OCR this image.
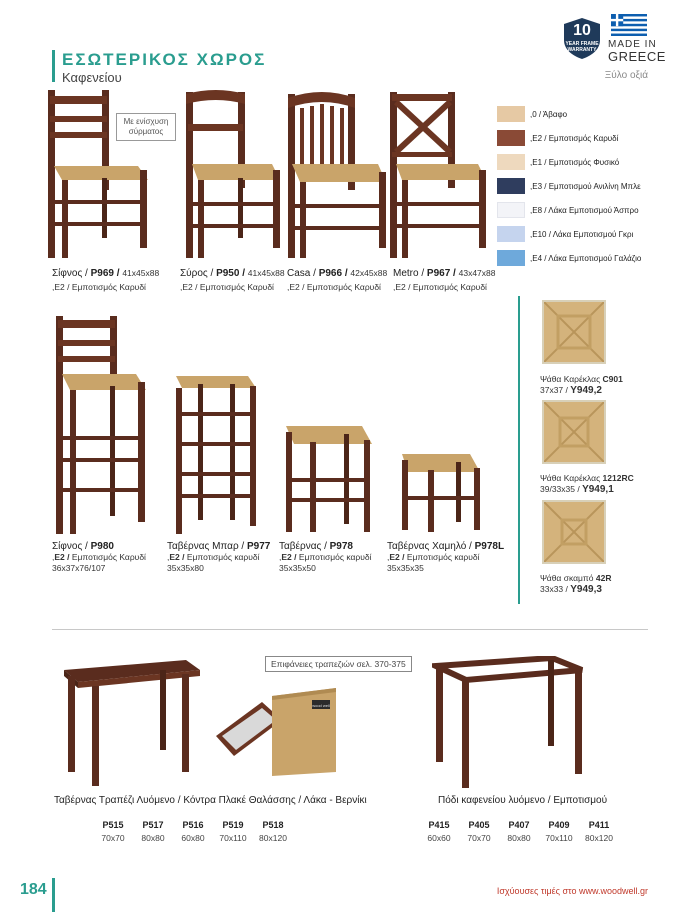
ΕΣΩΤΕΡΙΚΟΣ ΧΩΡΟΣ
Καφενείου
10
YEAR FRAME WARRANTY	MADE IN
GREECE
Ξύλο οξιά
Με ενίσχυση σύρματος
Σίφνος / P969 / 41x45x88
,Ε2 / Εμποτισμός Καρυδί
Σύρος / P950 / 41x45x88
,Ε2 / Εμποτισμός Καρυδί
Casa / P966 / 42x45x88
,Ε2 / Εμποτισμός Καρυδί
Metro / P967 / 43x47x88
,Ε2 / Εμποτισμός Καρυδί
,0 / Άβαφο
,Ε2 / Εμποτισμός Καρυδί
,Ε1 / Εμποτισμός Φυσικό
,Ε3 / Εμποτισμού Ανιλίνη Μπλε
,Ε8 / Λάκα Εμποτισμού Άσπρο
,Ε10 / Λάκα Εμποτισμού Γκρι
,Ε4 / Λάκα Εμποτισμού Γαλάζιο
Σίφνος / P980
,Ε2 / Εμποτισμός Καρυδί
36x37x76/107
Ταβέρνας Μπαρ / P977
,Ε2 / Εμποτισμός καρυδί
35x35x80
Ταβέρνας / P978
,Ε2 / Εμποτισμός καρυδί
35x35x50
Ταβέρνας Χαμηλό / P978L
,Ε2 / Εμποτισμός καρυδί
35x35x35
Ψάθα Καρέκλας C901
37x37 / Y949,2
Ψάθα Καρέκλας 1212RC
39/33x35 / Y949,1
Ψάθα σκαμπό 42R
33x33 / Y949,3
Επιφάνειες τραπεζιών σελ. 370-375
wood well
Ταβέρνας Τραπέζι Λυόμενο / Κόντρα Πλακέ Θαλάσσης / Λάκα - Βερνίκι	Πόδι καφενείου λυόμενο / Εμποτισμού
P515
70x70
P517
80x80
P516
60x80
P519
70x110
P518
80x120
P415
60x60
P405
70x70
P407
80x80
P409
70x110
P411
80x120
184	Ισχύουσες τιμές στο www.woodwell.gr
